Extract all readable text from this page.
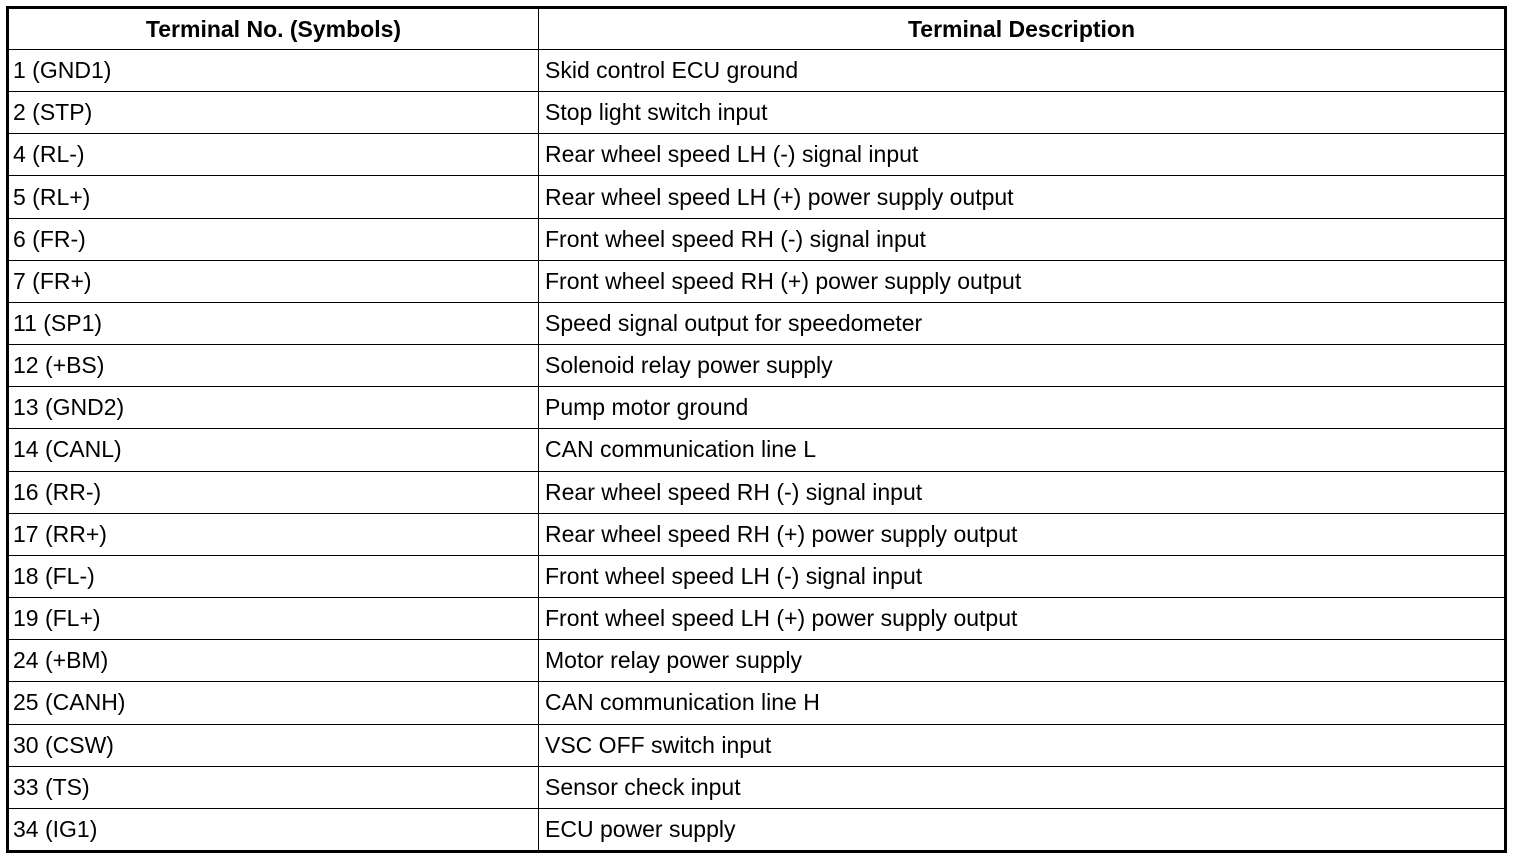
Terminal No. (Symbols)	Terminal Description
1 (GND1)	Skid control ECU ground
2 (STP)	Stop light switch input
4 (RL-)	Rear wheel speed LH (-) signal input
5 (RL+)	Rear wheel speed LH (+) power supply output
6 (FR-)	Front wheel speed RH (-) signal input
7 (FR+)	Front wheel speed RH (+) power supply output
11 (SP1)	Speed signal output for speedometer
12 (+BS)	Solenoid relay power supply
13 (GND2)	Pump motor ground
14 (CANL)	CAN communication line L
16 (RR-)	Rear wheel speed RH (-) signal input
17 (RR+)	Rear wheel speed RH (+) power supply output
18 (FL-)	Front wheel speed LH (-) signal input
19 (FL+)	Front wheel speed LH (+) power supply output
24 (+BM)	Motor relay power supply
25 (CANH)	CAN communication line H
30 (CSW)	VSC OFF switch input
33 (TS)	Sensor check input
34 (IG1)	ECU power supply
